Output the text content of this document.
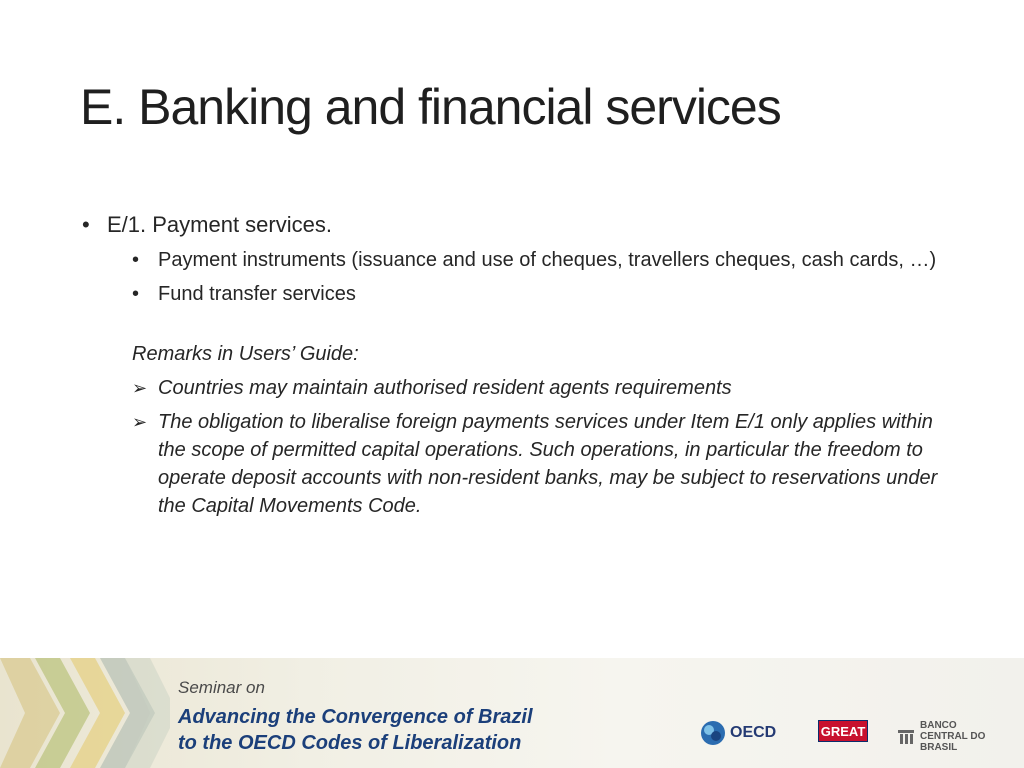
E. Banking and financial services
• E/1. Payment services.
• Payment instruments (issuance and use of cheques, travellers cheques, cash cards, …)
• Fund transfer services
Remarks in Users’ Guide:
➢ Countries may maintain authorised resident agents requirements
➢ The obligation to liberalise foreign payments services under Item E/1 only applies within the scope of permitted capital operations. Such operations, in particular the freedom to operate deposit accounts with non-resident banks, may be subject to reservations under the Capital Movements Code.
Seminar on
Advancing the Convergence of Brazil
to the OECD Codes of Liberalization	OECD	GREAT	BANCO CENTRAL DO BRASIL
